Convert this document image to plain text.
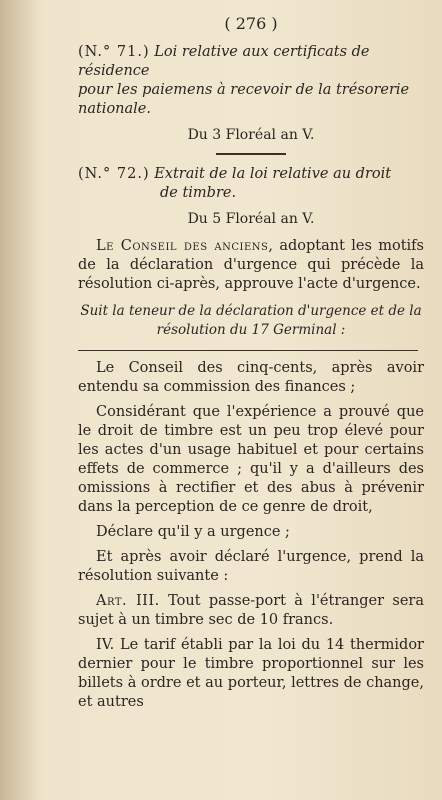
( 276 )

(N.° 71.) Loi relative aux certificats de résidence

pour les paiemens à recevoir de la trésorerie

nationale.

Du 3 Floréal an V.

(N.° 72.) Extrait de la loi relative au droit

de timbre.

Du 5 Floréal an V.

Le Conseil des anciens, adoptant les motifs de la déclaration d'urgence qui précède la résolution ci-après, approuve l'acte d'urgence.

Suit la teneur de la déclaration d'urgence et de la résolution du 17 Germinal :

Le Conseil des cinq-cents, après avoir entendu sa commission des finances ;

Considérant que l'expérience a prouvé que le droit de timbre est un peu trop élevé pour les actes d'un usage habituel et pour certains effets de commerce ; qu'il y a d'ailleurs des omissions à rectifier et des abus à prévenir dans la perception de ce genre de droit,

Déclare qu'il y a urgence ;

Et après avoir déclaré l'urgence, prend la résolution suivante :

Art. III. Tout passe-port à l'étranger sera sujet à un timbre sec de 10 francs.

IV. Le tarif établi par la loi du 14 thermidor dernier pour le timbre proportionnel sur les billets à ordre et au porteur, lettres de change, et autres
